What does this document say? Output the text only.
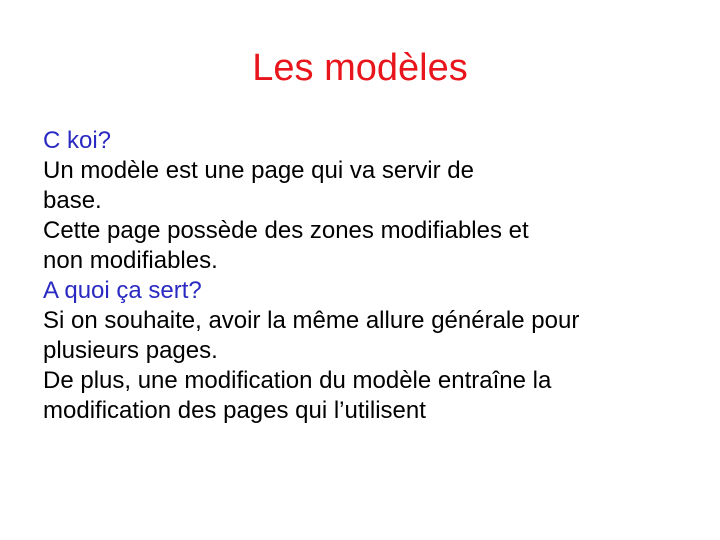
Les modèles
C koi?
Un modèle est une page qui va servir de
base.
Cette page possède des zones modifiables et
non modifiables.
A quoi ça sert?
Si on souhaite, avoir la même allure générale pour
plusieurs pages.
De plus, une modification du modèle entraîne la
modification des pages qui l’utilisent
